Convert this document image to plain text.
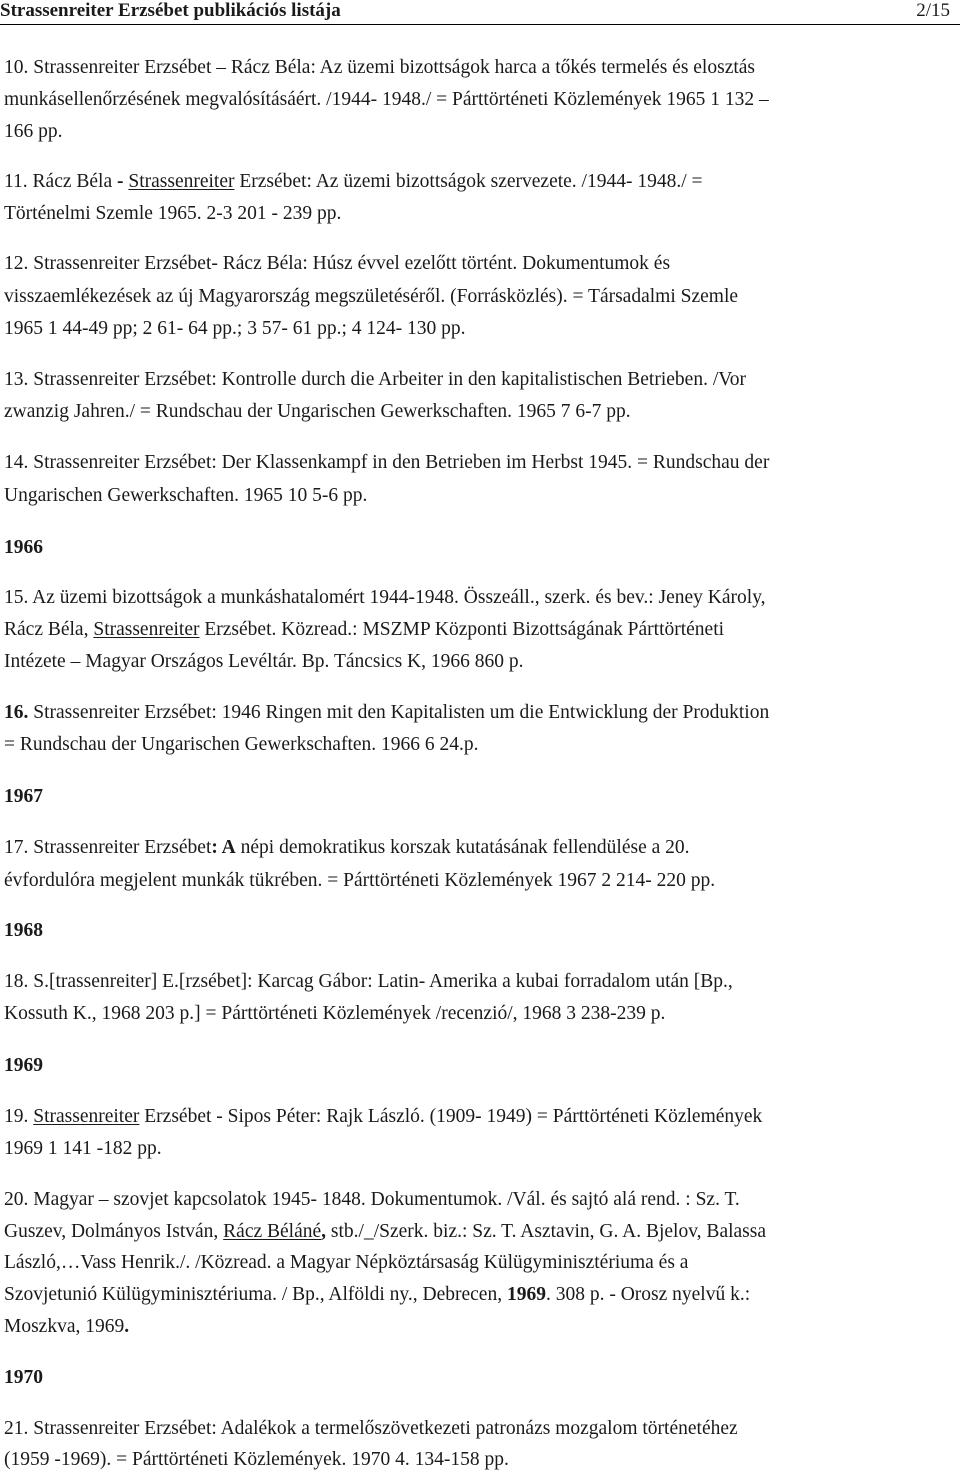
Strassenreiter Erzsébet publikációs listája	2/15
10. Strassenreiter Erzsébet – Rácz Béla: Az üzemi bizottságok harca a tőkés termelés és elosztás
munkásellenőrzésének megvalósításáért. /1944- 1948./ = Párttörténeti Közlemények 1965 1 132 –
166 pp.
11. Rácz Béla - Strassenreiter Erzsébet: Az üzemi bizottságok szervezete. /1944- 1948./ =
Történelmi Szemle 1965. 2-3 201 - 239 pp.
12. Strassenreiter Erzsébet- Rácz Béla: Húsz évvel ezelőtt történt. Dokumentumok és
visszaemlékezések az új Magyarország megszületéséről. (Forrásközlés). = Társadalmi Szemle
1965 1 44-49 pp; 2 61- 64 pp.; 3 57- 61 pp.; 4 124- 130 pp.
13. Strassenreiter Erzsébet: Kontrolle durch die Arbeiter in den kapitalistischen Betrieben. /Vor
zwanzig Jahren./ = Rundschau der Ungarischen Gewerkschaften. 1965 7 6-7 pp.
14. Strassenreiter Erzsébet: Der Klassenkampf in den Betrieben im Herbst 1945. = Rundschau der
Ungarischen Gewerkschaften. 1965 10 5-6 pp.
1966
15. Az üzemi bizottságok a munkáshatalomért 1944-1948. Összeáll., szerk. és bev.: Jeney Károly,
Rácz Béla, Strassenreiter Erzsébet. Közread.: MSZMP Központi Bizottságának Párttörténeti
Intézete – Magyar Országos Levéltár. Bp. Táncsics K, 1966 860 p.
16. Strassenreiter Erzsébet: 1946 Ringen mit den Kapitalisten um die Entwicklung der Produktion
= Rundschau der Ungarischen Gewerkschaften. 1966 6 24.p.
1967
17. Strassenreiter Erzsébet: A népi demokratikus korszak kutatásának fellendülése a 20.
évfordulóra megjelent munkák tükrében. = Párttörténeti Közlemények 1967 2 214- 220 pp.
1968
18. S.[trassenreiter] E.[rzsébet]: Karcag Gábor: Latin- Amerika a kubai forradalom után [Bp.,
Kossuth K., 1968 203 p.] = Párttörténeti Közlemények /recenzió/, 1968 3 238-239 p.
1969
19. Strassenreiter Erzsébet - Sipos Péter: Rajk László. (1909- 1949) = Párttörténeti Közlemények
1969 1 141 -182 pp.
20. Magyar – szovjet kapcsolatok 1945- 1848. Dokumentumok. /Vál. és sajtó alá rend. : Sz. T.
Guszev, Dolmányos István, Rácz Béláné, stb./_/Szerk. biz.: Sz. T. Asztavin, G. A. Bjelov, Balassa
László,…Vass Henrik./. /Közread. a Magyar Népköztársaság Külügyminisztériuma és a
Szovjetunió Külügyminisztériuma. / Bp., Alföldi ny., Debrecen, 1969. 308 p. - Orosz nyelvű k.:
Moszkva, 1969.
1970
21. Strassenreiter Erzsébet: Adalékok a termelőszövetkezeti patronázs mozgalom történetéhez
(1959 -1969). = Párttörténeti Közlemények. 1970 4. 134-158 pp.
